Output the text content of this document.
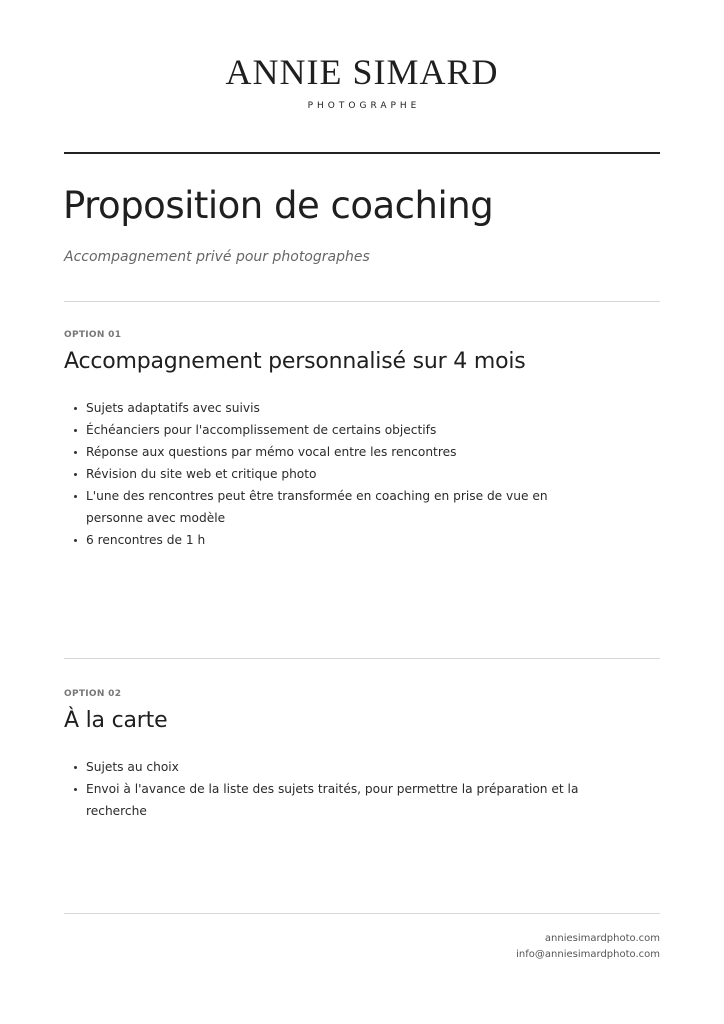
ANNIE SIMARD
PHOTOGRAPHE
Proposition de coaching

Accompagnement privé pour photographes

OPTION 01

Accompagnement personnalisé sur 4 mois
Sujets adaptatifs avec suivis
Échéanciers pour l'accomplissement de certains objectifs
Réponse aux questions par mémo vocal entre les rencontres
Révision du site web et critique photo
L'une des rencontres peut être transformée en coaching en prise de vue en personne avec modèle
6 rencontres de 1 h

OPTION 02

À la carte
Sujets au choix
Envoi à l'avance de la liste des sujets traités, pour permettre la préparation et la recherche
anniesimardphoto.com
info@anniesimardphoto.com
